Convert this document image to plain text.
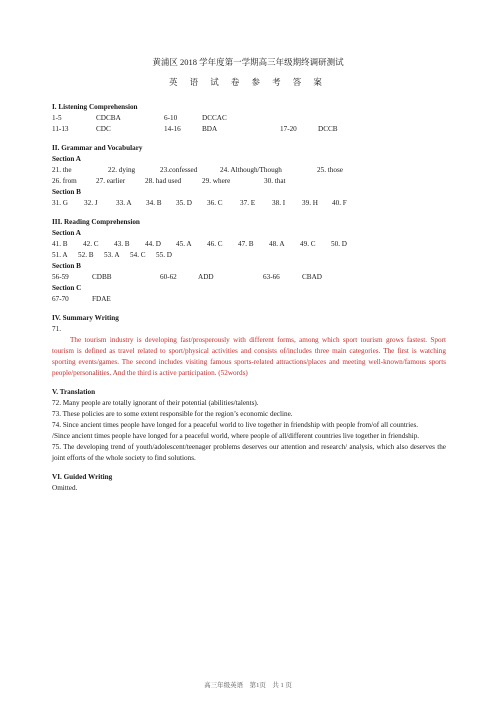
黄浦区 2018 学年度第一学期高三年级期终调研测试
英 语 试 卷 参 考 答 案
I. Listening Comprehension
1-5	CDCBA	6-10	DCCAC
11-13	CDC	14-16	BDA	17-20	DCCB
II. Grammar and Vocabulary
Section A
21. the	22. dying	23.confessed	24. Although/Though	25. those
26. from	27. earlier	28. had used	29. where	30. that
Section B
31. G 32. J	33. A 34. B 35. D 36. C 37. E 38. I 39. H 40. F
III. Reading Comprehension
Section A
41. B 42. C 43. B 44. D 45. A 46. C 47. B 48. A 49. C 50. D
51. A 52. B 53. A 54. C 55. D
Section B
56-59	CDBB	60-62	ADD	63-66	CBAD
Section C
67-70	FDAE
IV. Summary Writing
71.
The tourism industry is developing fast/prosperously with different forms, among which sport tourism grows fastest. Sport tourism is defined as travel related to sport/physical activities and consists of/includes three main categories. The first is watching sporting events/games. The second includes visiting famous sports-related attractions/places and meeting well-known/famous sports people/personalities. And the third is active participation. (52words)
V. Translation
72. Many people are totally ignorant of their potential (abilities/talents).
73. These policies are to some extent responsible for the region’s economic decline.
74. Since ancient times people have longed for a peaceful world to live together in friendship with people from/of all countries.
/Since ancient times people have longed for a peaceful world, where people of all/different countries live together in friendship.
75. The developing trend of youth/adolescent/teenager problems deserves our attention and research/ analysis, which also deserves the joint efforts of the whole society to find solutions.
VI. Guided Writing
Omitted.
高三年级英语　第1页　共 1 页
